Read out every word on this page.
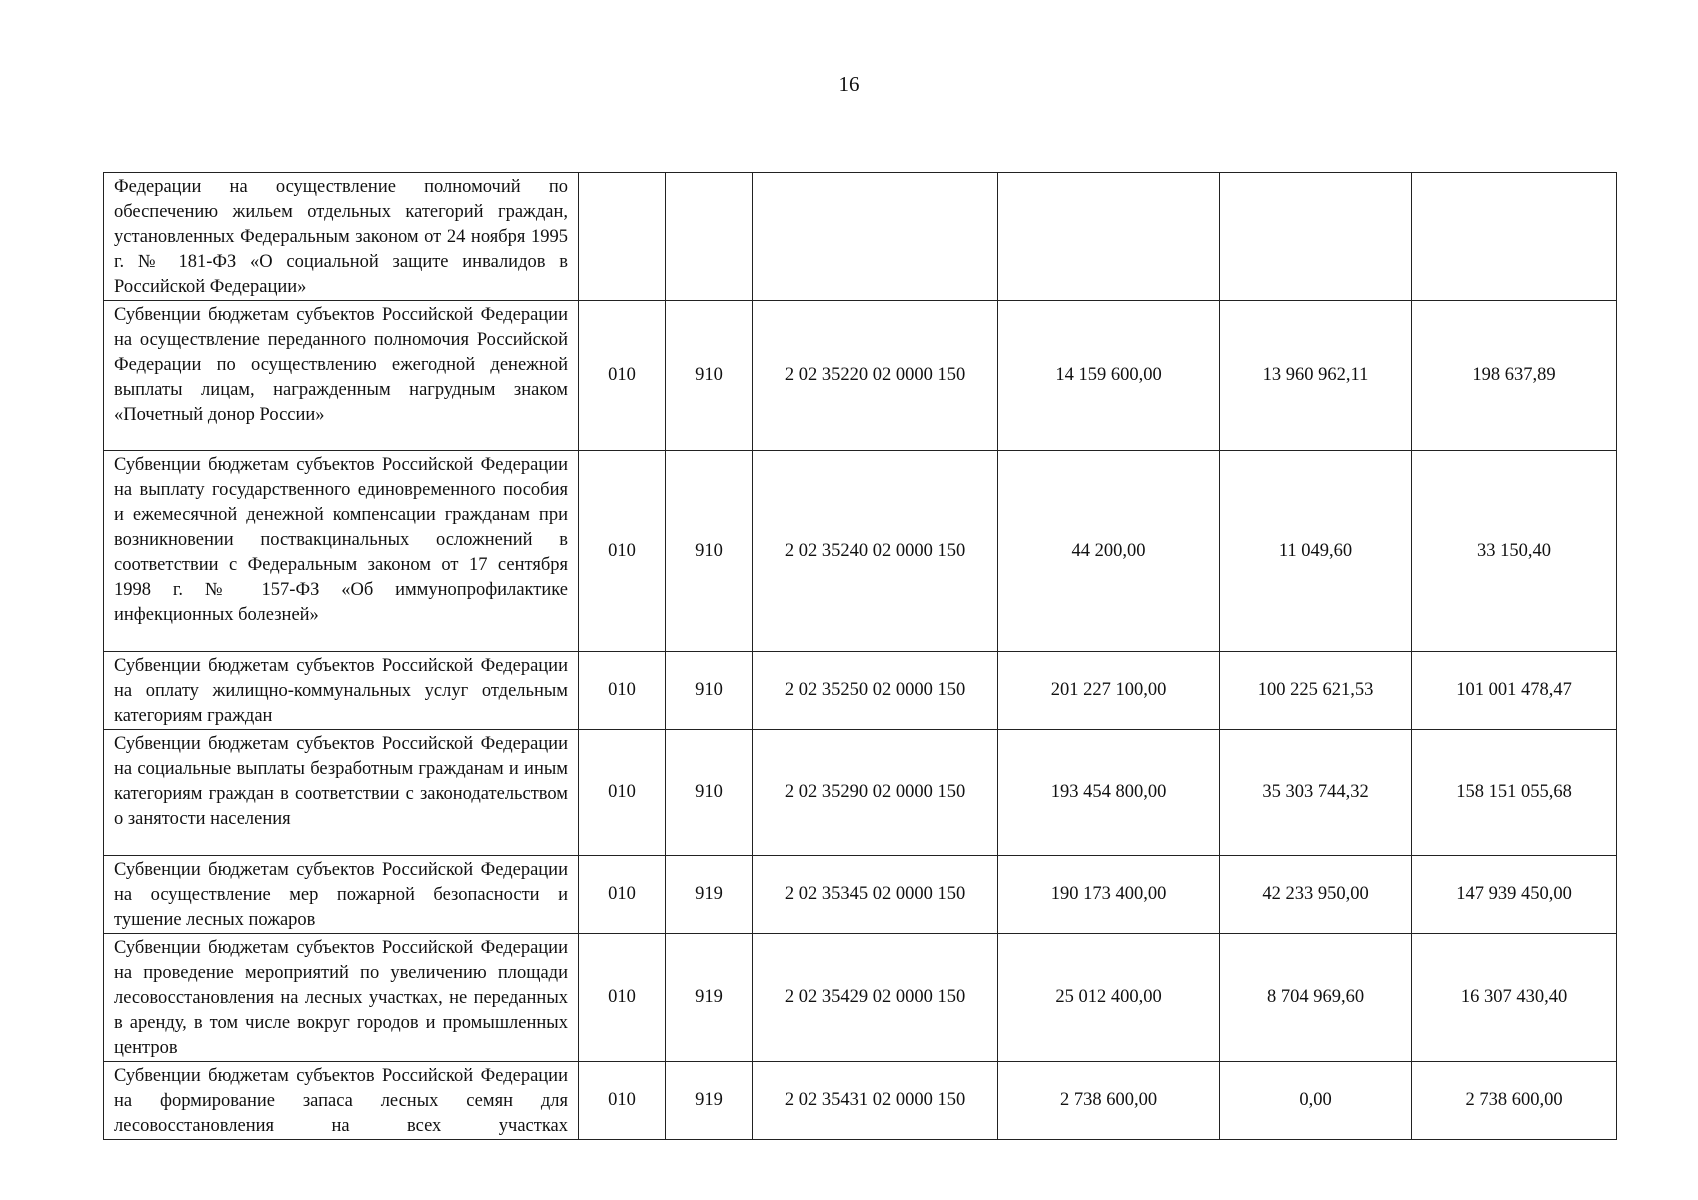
16
Федерации на осуществление полномочий по обеспечению жильем отдельных категорий граждан, установленных Федеральным законом от 24 ноября 1995 г. № 181-ФЗ «О социальной защите инвалидов в Российской Федерации»						
Субвенции бюджетам субъектов Российской Федерации на осуществление переданного полномочия Российской Федерации по осуществлению ежегодной денежной выплаты лицам, награжденным нагрудным знаком «Почетный донор России»	010	910	2 02 35220 02 0000 150	14 159 600,00	13 960 962,11	198 637,89
Субвенции бюджетам субъектов Российской Федерации на выплату государственного единовременного пособия и ежемесячной денежной компенсации гражданам при возникновении поствакцинальных осложнений в соответствии с Федеральным законом от 17 сентября 1998 г. № 157-ФЗ «Об иммунопрофилактике инфекционных болезней»	010	910	2 02 35240 02 0000 150	44 200,00	11 049,60	33 150,40
Субвенции бюджетам субъектов Российской Федерации на оплату жилищно-коммунальных услуг отдельным категориям граждан	010	910	2 02 35250 02 0000 150	201 227 100,00	100 225 621,53	101 001 478,47
Субвенции бюджетам субъектов Российской Федерации на социальные выплаты безработным гражданам и иным категориям граждан в соответствии с законодательством о занятости населения	010	910	2 02 35290 02 0000 150	193 454 800,00	35 303 744,32	158 151 055,68
Субвенции бюджетам субъектов Российской Федерации на осуществление мер пожарной безопасности и тушение лесных пожаров	010	919	2 02 35345 02 0000 150	190 173 400,00	42 233 950,00	147 939 450,00
Субвенции бюджетам субъектов Российской Федерации на проведение мероприятий по увеличению площади лесовосстановления на лесных участках, не переданных в аренду, в том числе вокруг городов и промышленных центров	010	919	2 02 35429 02 0000 150	25 012 400,00	8 704 969,60	16 307 430,40
Субвенции бюджетам субъектов Российской Федерации на формирование запаса лесных семян для лесовосстановления на всех участках	010	919	2 02 35431 02 0000 150	2 738 600,00	0,00	2 738 600,00
